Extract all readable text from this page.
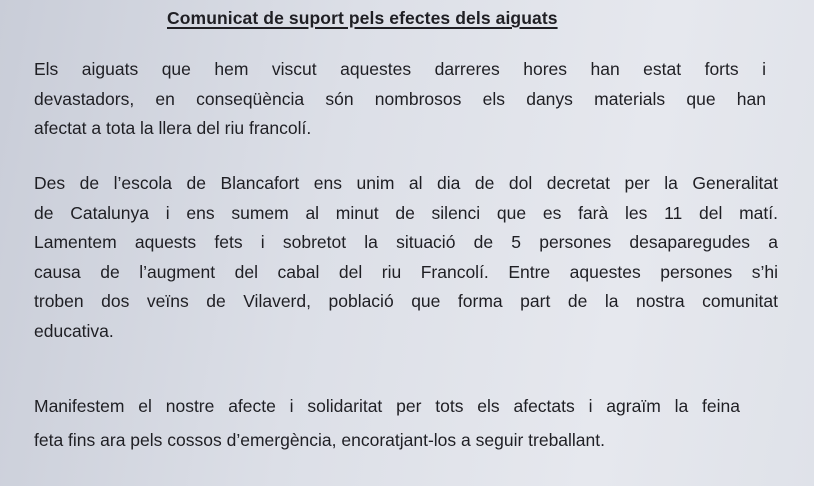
Comunicat de suport pels efectes dels aiguats
Els aiguats que hem viscut aquestes darreres hores han estat forts i
devastadors, en conseqüència són nombrosos els danys materials que han
afectat a tota la llera del riu francolí.
Des de l’escola de Blancafort ens unim al dia de dol decretat per la Generalitat
de Catalunya i ens sumem al minut de silenci que es farà les 11 del matí.
Lamentem aquests fets i sobretot la situació de 5 persones desaparegudes a
causa de l’augment del cabal del riu Francolí. Entre aquestes persones s’hi
troben dos veïns de Vilaverd, població que forma part de la nostra comunitat
educativa.
Manifestem el nostre afecte i solidaritat per tots els afectats i agraïm la feina
feta fins ara pels cossos d’emergència, encoratjant-los a seguir treballant.
